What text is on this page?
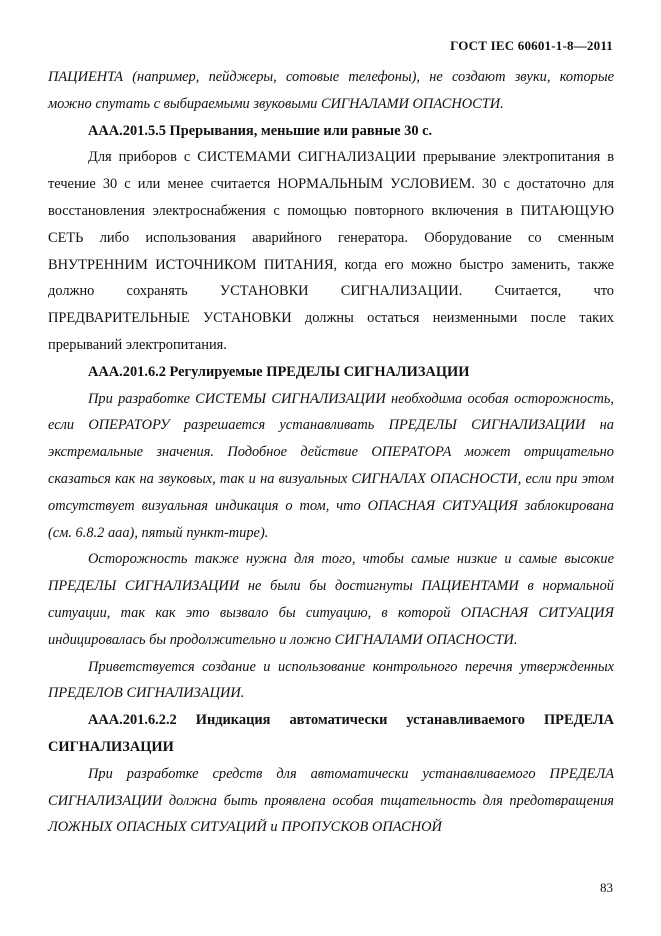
ГОСТ IEC 60601-1-8—2011

ПАЦИЕНТА (например, пейджеры, сотовые телефоны), не создают звуки, которые можно спутать с выбираемыми звуковыми СИГНАЛАМИ ОПАСНОСТИ.

ААА.201.5.5 Прерывания, меньшие или равные 30 с.

Для приборов с СИСТЕМАМИ СИГНАЛИЗАЦИИ прерывание электропитания в течение 30 с или менее считается НОРМАЛЬНЫМ УСЛОВИЕМ. 30 с достаточно для восстановления электроснабжения с помощью повторного включения в ПИТАЮЩУЮ СЕТЬ либо использования аварийного генератора. Оборудование со сменным ВНУТРЕННИМ ИСТОЧНИКОМ ПИТАНИЯ, когда его можно быстро заменить, также должно сохранять УСТАНОВКИ СИГНАЛИЗАЦИИ. Считается, что ПРЕДВАРИТЕЛЬНЫЕ УСТАНОВКИ должны остаться неизменными после таких прерываний электропитания.

ААА.201.6.2 Регулируемые ПРЕДЕЛЫ СИГНАЛИЗАЦИИ

При разработке СИСТЕМЫ СИГНАЛИЗАЦИИ необходима особая осторожность, если ОПЕРАТОРУ разрешается устанавливать ПРЕДЕЛЫ СИГНАЛИЗАЦИИ на экстремальные значения. Подобное действие ОПЕРАТОРА может отрицательно сказаться как на звуковых, так и на визуальных СИГНАЛАХ ОПАСНОСТИ, если при этом отсутствует визуальная индикация о том, что ОПАСНАЯ СИТУАЦИЯ заблокирована (см. 6.8.2 ааа), пятый пункт-тире).

Осторожность также нужна для того, чтобы самые низкие и самые высокие ПРЕДЕЛЫ СИГНАЛИЗАЦИИ не были бы достигнуты ПАЦИЕНТАМИ в нормальной ситуации, так как это вызвало бы ситуацию, в которой ОПАСНАЯ СИТУАЦИЯ индицировалась бы продолжительно и ложно СИГНАЛАМИ ОПАСНОСТИ.

Приветствуется создание и использование контрольного перечня утвержденных ПРЕДЕЛОВ СИГНАЛИЗАЦИИ.

ААА.201.6.2.2 Индикация автоматически устанавливаемого ПРЕДЕЛА СИГНАЛИЗАЦИИ

При разработке средств для автоматически устанавливаемого ПРЕДЕЛА СИГНАЛИЗАЦИИ должна быть проявлена особая тщательность для предотвращения ЛОЖНЫХ ОПАСНЫХ СИТУАЦИЙ и ПРОПУСКОВ ОПАСНОЙ

83
